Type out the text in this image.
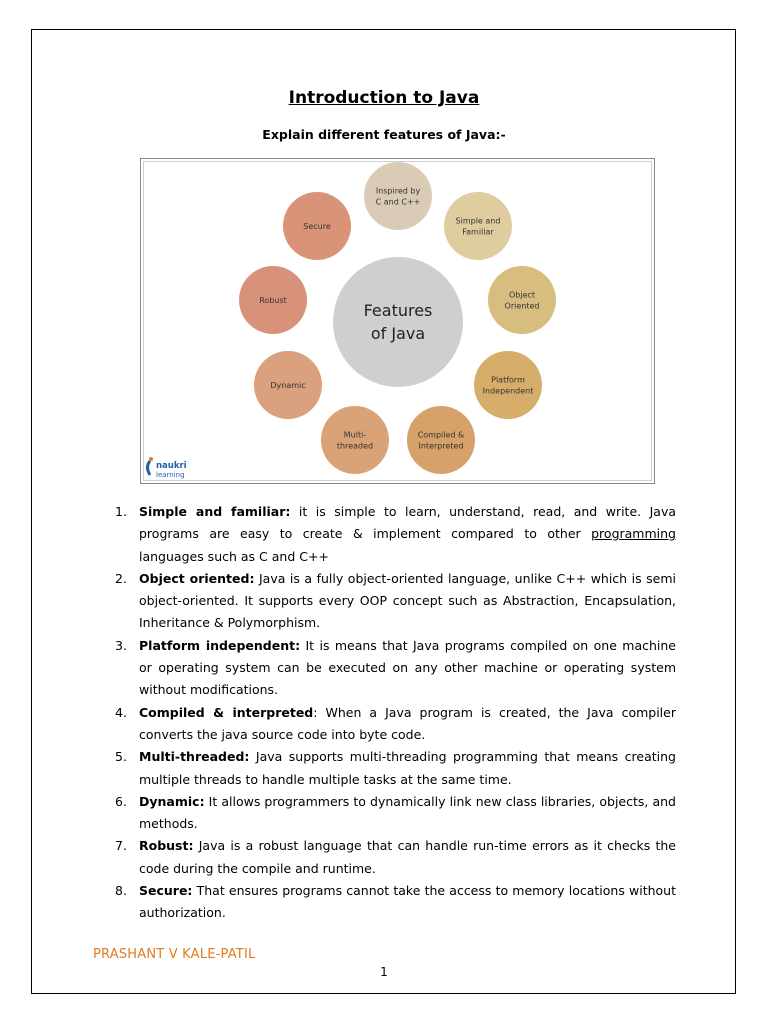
Introduction to Java
Explain different features of Java:-
Features
of Java
Inspired by
C and C++
Simple and
Familiar
Object
Oriented
Platform
Independent
Compiled &
Interpreted
Multi-
threaded
Dynamic
Robust
Secure
naukri
learning
1. Simple and familiar: it is simple to learn, understand, read, and write. Java programs are easy to create & implement compared to other programming languages such as C and C++
2. Object oriented: Java is a fully object-oriented language, unlike C++ which is semi object-oriented. It supports every OOP concept such as Abstraction, Encapsulation, Inheritance & Polymorphism.
3. Platform independent: It is means that Java programs compiled on one machine or operating system can be executed on any other machine or operating system without modifications.
4. Compiled & interpreted: When a Java program is created, the Java compiler converts the java source code into byte code.
5. Multi-threaded: Java supports multi-threading programming that means creating multiple threads to handle multiple tasks at the same time.
6. Dynamic: It allows programmers to dynamically link new class libraries, objects, and methods.
7. Robust: Java is a robust language that can handle run-time errors as it checks the code during the compile and runtime.
8. Secure: That ensures programs cannot take the access to memory locations without authorization.
PRASHANT V KALE-PATIL
1
